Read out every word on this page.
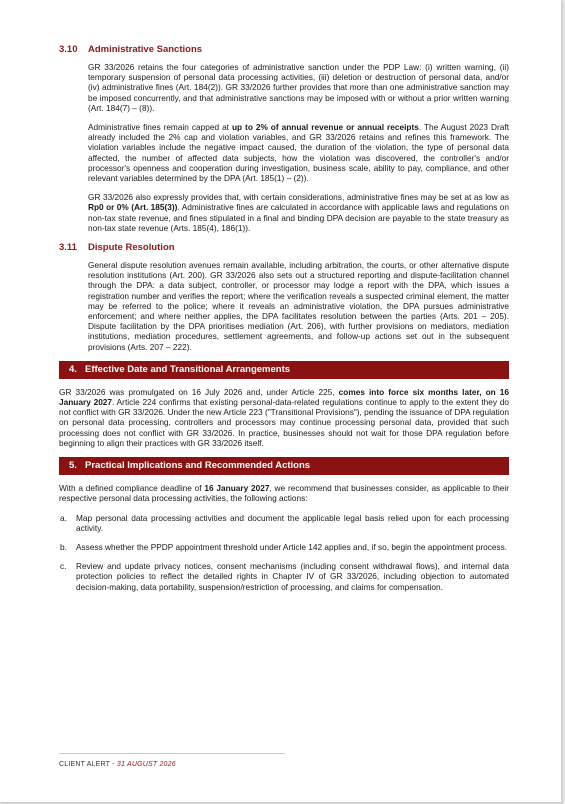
3.10	Administrative Sanctions

GR 33/2026 retains the four categories of administrative sanction under the PDP Law: (i) written warning, (ii) temporary suspension of personal data processing activities, (iii) deletion or destruction of personal data, and/or (iv) administrative fines (Art. 184(2)). GR 33/2026 further provides that more than one administrative sanction may be imposed concurrently, and that administrative sanctions may be imposed with or without a prior written warning (Art. 184(7) – (8)).

Administrative fines remain capped at up to 2% of annual revenue or annual receipts. The August 2023 Draft already included the 2% cap and violation variables, and GR 33/2026 retains and refines this framework. The violation variables include the negative impact caused, the duration of the violation, the type of personal data affected, the number of affected data subjects, how the violation was discovered, the controller's and/or processor's openness and cooperation during investigation, business scale, ability to pay, compliance, and other relevant variables determined by the DPA (Art. 185(1) – (2)).

GR 33/2026 also expressly provides that, with certain considerations, administrative fines may be set at as low as Rp0 or 0% (Art. 185(3)). Administrative fines are calculated in accordance with applicable laws and regulations on non-tax state revenue, and fines stipulated in a final and binding DPA decision are payable to the state treasury as non-tax state revenue (Arts. 185(4), 186(1)).

3.11	Dispute Resolution

General dispute resolution avenues remain available, including arbitration, the courts, or other alternative dispute resolution institutions (Art. 200). GR 33/2026 also sets out a structured reporting and dispute-facilitation channel through the DPA: a data subject, controller, or processor may lodge a report with the DPA, which issues a registration number and verifies the report; where the verification reveals a suspected criminal element, the matter may be referred to the police; where it reveals an administrative violation, the DPA pursues administrative enforcement; and where neither applies, the DPA facilitates resolution between the parties (Arts. 201 – 205). Dispute facilitation by the DPA prioritises mediation (Art. 206), with further provisions on mediators, mediation institutions, mediation procedures, settlement agreements, and follow-up actions set out in the subsequent provisions (Arts. 207 – 222).

4. Effective Date and Transitional Arrangements

GR 33/2026 was promulgated on 16 July 2026 and, under Article 225, comes into force six months later, on 16 January 2027. Article 224 confirms that existing personal-data-related regulations continue to apply to the extent they do not conflict with GR 33/2026. Under the new Article 223 ("Transitional Provisions"), pending the issuance of DPA regulation on personal data processing, controllers and processors may continue processing personal data, provided that such processing does not conflict with GR 33/2026. In practice, businesses should not wait for those DPA regulation before beginning to align their practices with GR 33/2026 itself.

5. Practical Implications and Recommended Actions

With a defined compliance deadline of 16 January 2027, we recommend that businesses consider, as applicable to their respective personal data processing activities, the following actions:

a.	Map personal data processing activities and document the applicable legal basis relied upon for each processing activity.
b.	Assess whether the PPDP appointment threshold under Article 142 applies and, if so, begin the appointment process.
c.	Review and update privacy notices, consent mechanisms (including consent withdrawal flows), and internal data protection policies to reflect the detailed rights in Chapter IV of GR 33/2026, including objection to automated decision-making, data portability, suspension/restriction of processing, and claims for compensation.
CLIENT ALERT - 31 AUGUST 2026
